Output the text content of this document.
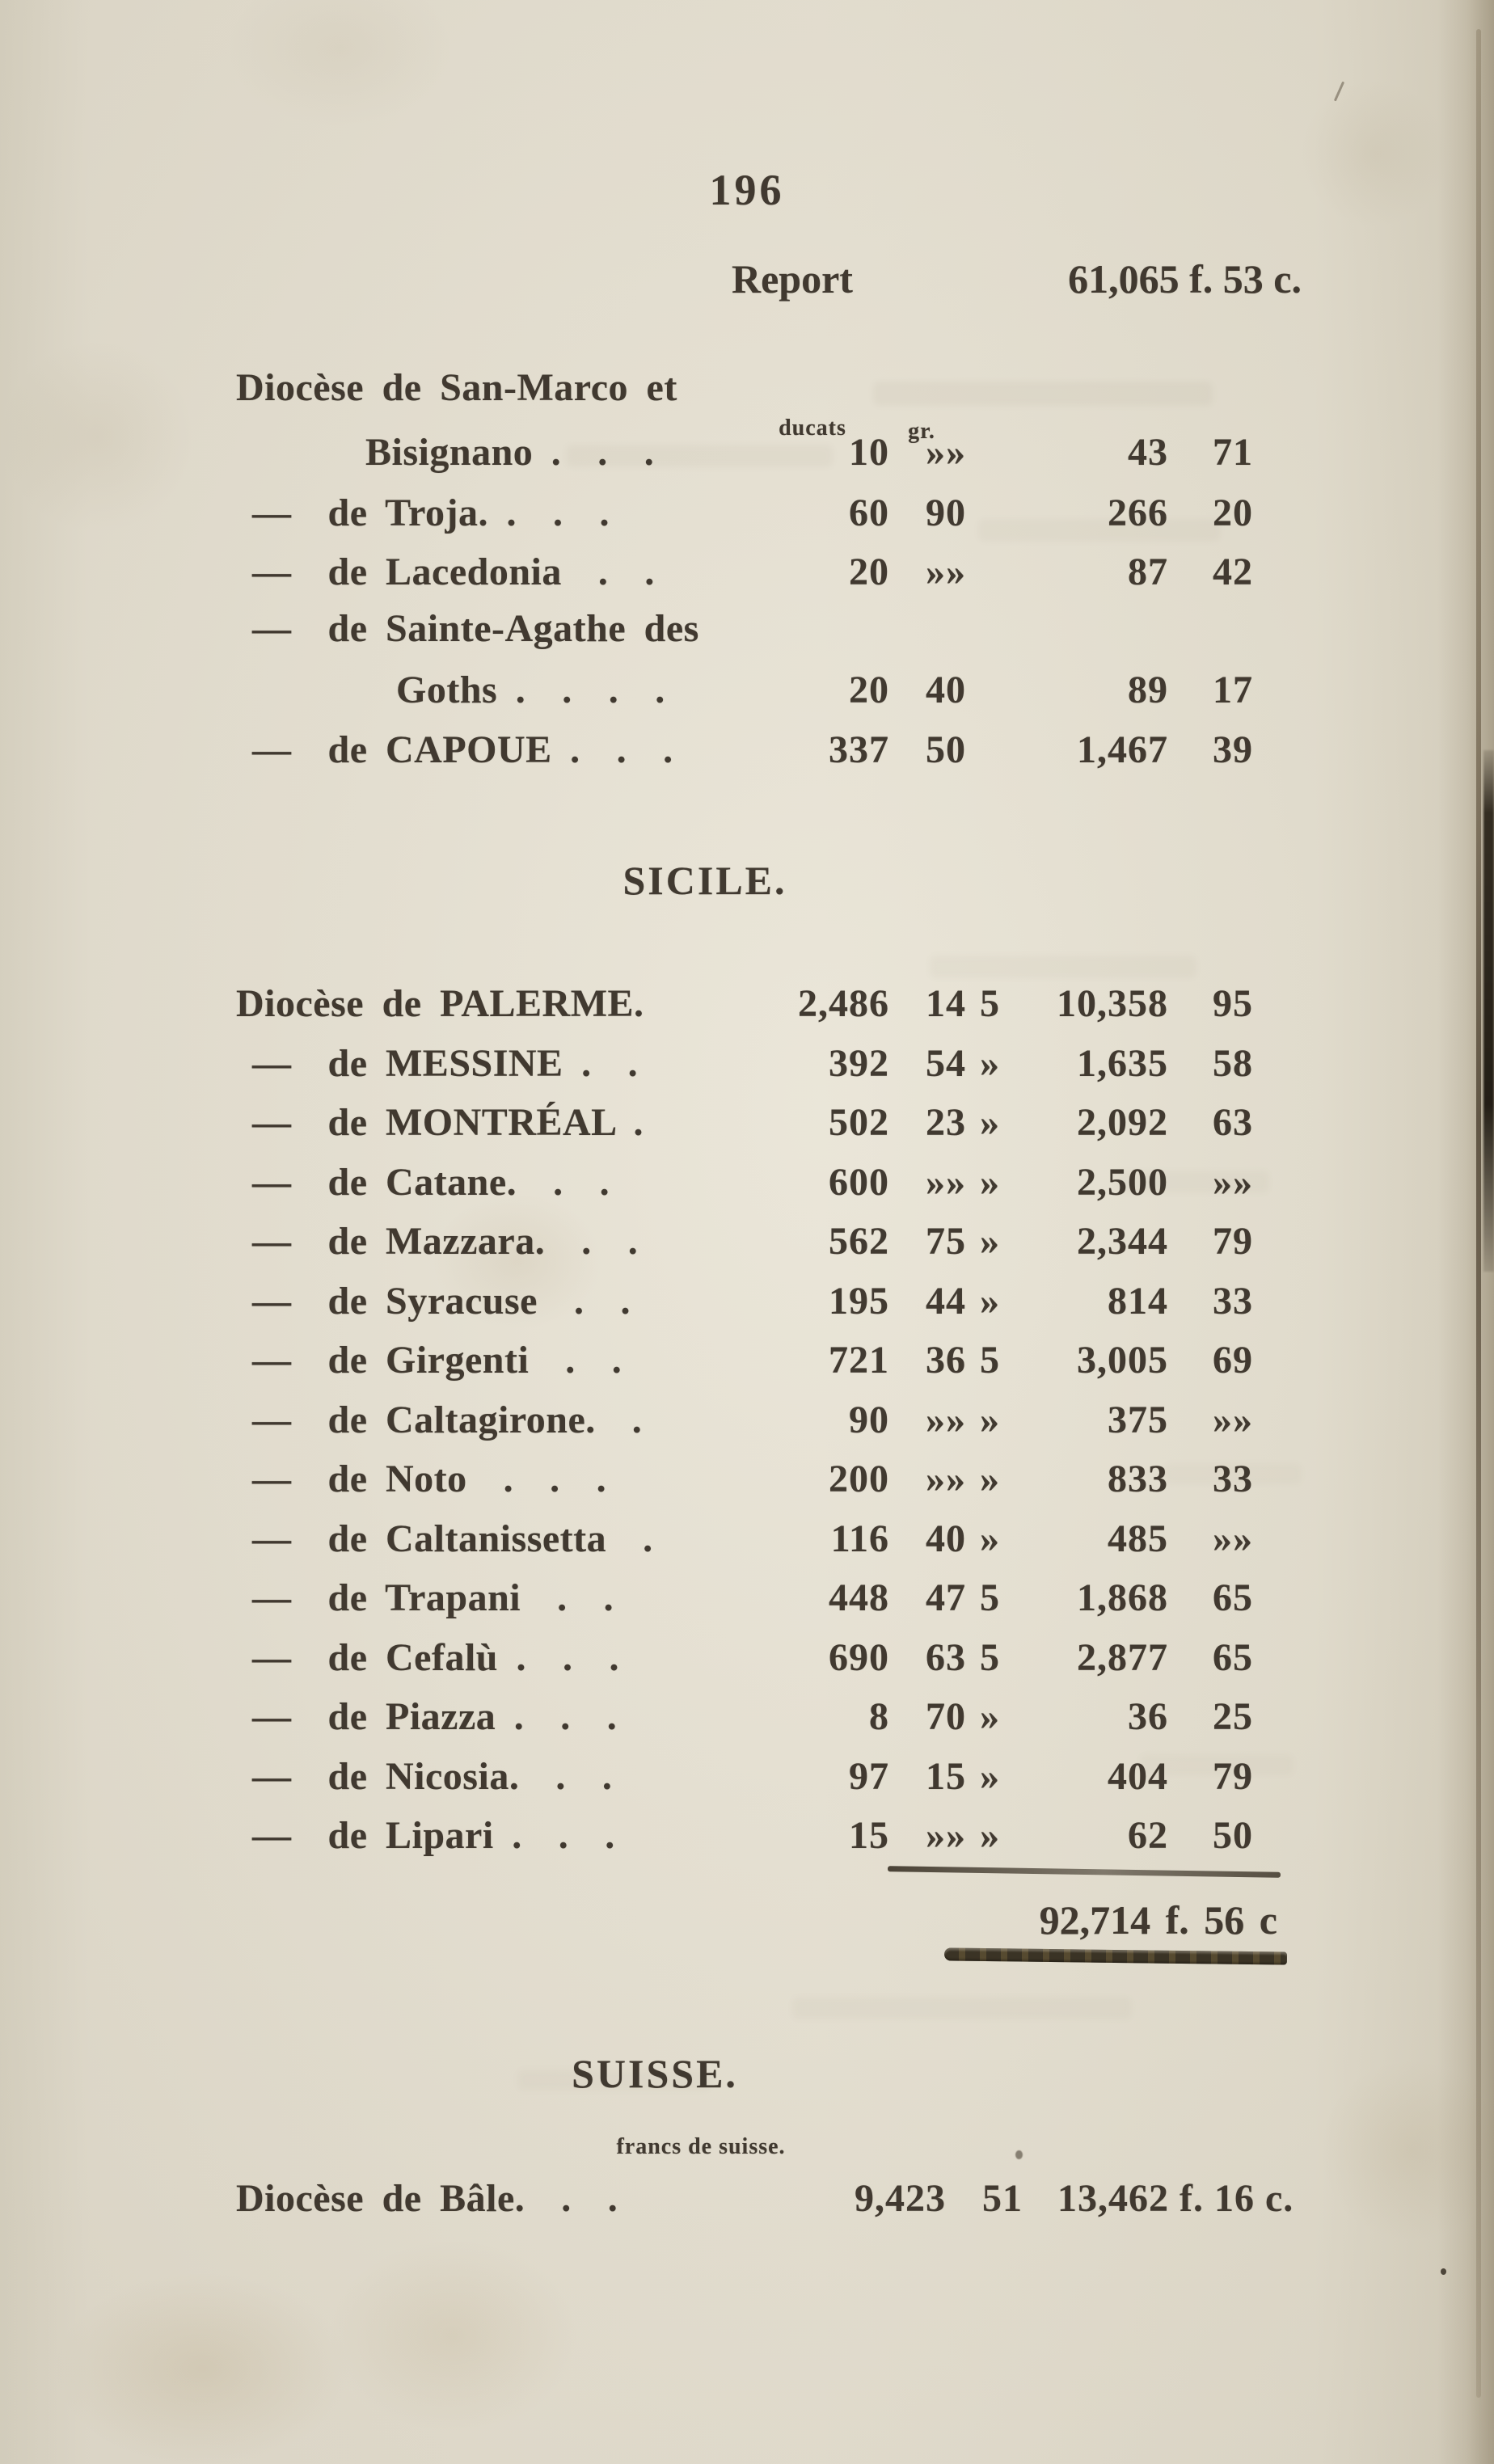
196
Report	61,065 f. 53 c.
ducats	gr.
Diocèse de San-Marco et
Bisignano .  .  .	10 »»	43	71
—  de Troja. .  .  .	60 90	266	20
—  de Lacedonia  .  .	20 »»	87	42
—  de Sainte-Agathe des
Goths .  .  .  .	20 40	89	17
—  de CAPOUE .  .  .	337 50	1,467	39
SICILE.
Diocèse de PALERME.	2,486 14 5	10,358	95
—  de MESSINE .  .	392 54 »	1,635	58
—  de MONTRÉAL .	502 23 »	2,092	63
—  de Catane.  .  .	600 »» »	2,500	»»
—  de Mazzara.  .  .	562 75 »	2,344	79
—  de Syracuse  .  .	195 44 »	814	33
—  de Girgenti  .  .	721 36 5	3,005	69
—  de Caltagirone.  .	90 »» »	375	»»
—  de Noto  .  .  .	200 »» »	833	33
—  de Caltanissetta  .	116 40 »	485	»»
—  de Trapani  .  .	448 47 5	1,868	65
—  de Cefalù .  .  .	690 63 5	2,877	65
—  de Piazza .  .  .	8 70 »	36	25
—  de Nicosia.  .  .	97 15 »	404	79
—  de Lipari .  .  .	15 »» »	62	50
92,714 f. 56 c
SUISSE.
francs de suisse.
Diocèse de Bâle.  .  .	9,423 51 13,462 f. 16 c.
